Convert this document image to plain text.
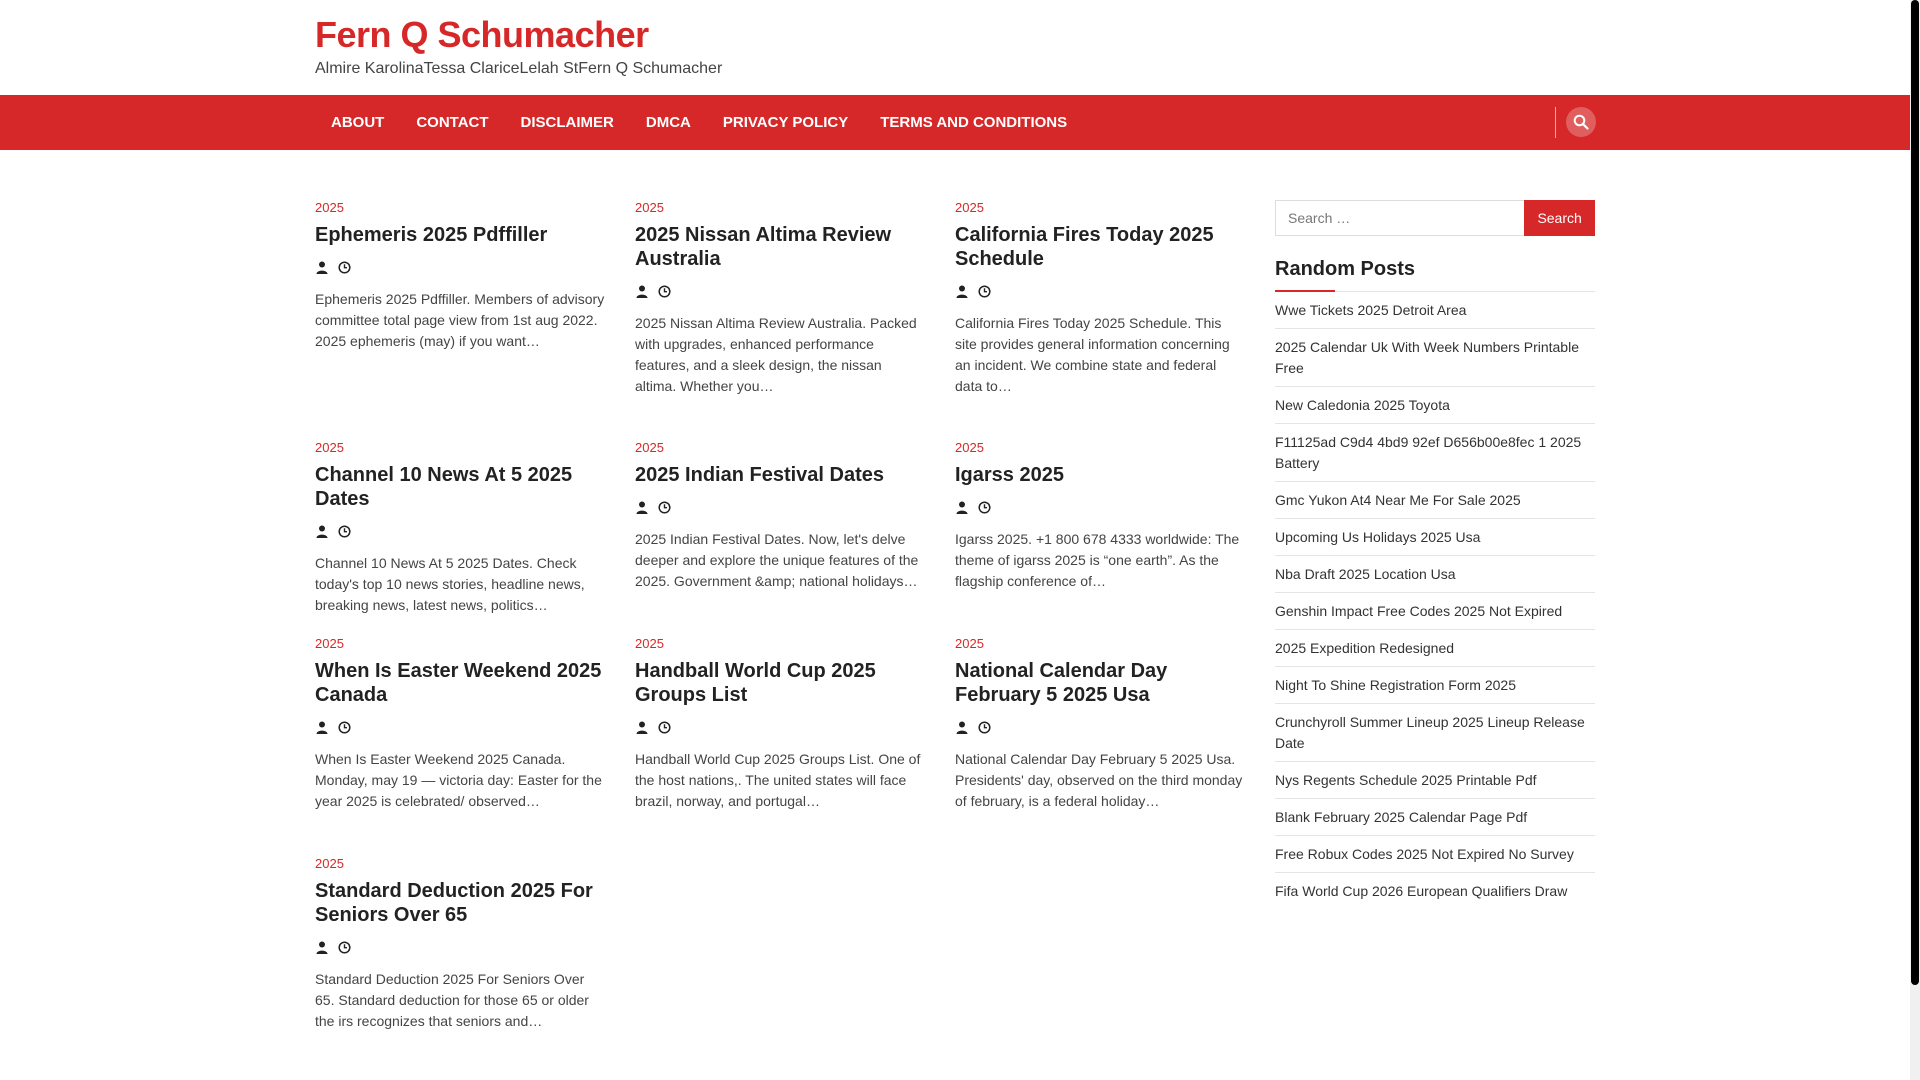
Fern Q Schumacher
Almire KarolinaTessa ClariceLelah StFern Q Schumacher
ABOUT	CONTACT	DISCLAIMER	DMCA	PRIVACY POLICY	TERMS AND CONDITIONS
2025
Ephemeris 2025 Pdffiller
Ephemeris 2025 Pdffiller. Members of advisory committee total page view from 1st aug 2022. 2025 ephemeris (may) if you want…
2025
2025 Nissan Altima Review Australia
2025 Nissan Altima Review Australia. Packed with upgrades, enhanced performance features, and a sleek design, the nissan altima. Whether you…
2025
California Fires Today 2025 Schedule
California Fires Today 2025 Schedule. This site provides general information concerning an incident. We combine state and federal data to…
2025
Channel 10 News At 5 2025 Dates
Channel 10 News At 5 2025 Dates. Check today's top 10 news stories, headline news, breaking news, latest news, politics…
2025
2025 Indian Festival Dates
2025 Indian Festival Dates. Now, let's delve deeper and explore the unique features of the 2025. Government &amp; national holidays…
2025
Igarss 2025
Igarss 2025. +1 800 678 4333 worldwide: The theme of igarss 2025 is “one earth”. As the flagship conference of…
2025
When Is Easter Weekend 2025 Canada
When Is Easter Weekend 2025 Canada. Monday, may 19 — victoria day: Easter for the year 2025 is celebrated/ observed…
2025
Handball World Cup 2025 Groups List
Handball World Cup 2025 Groups List. One of the host nations,. The united states will face brazil, norway, and portugal…
2025
National Calendar Day February 5 2025 Usa
National Calendar Day February 5 2025 Usa. Presidents' day, observed on the third monday of february, is a federal holiday…
2025
Standard Deduction 2025 For Seniors Over 65
Standard Deduction 2025 For Seniors Over 65. Standard deduction for those 65 or older the irs recognizes that seniors and…
Search …
Search
Random Posts
Wwe Tickets 2025 Detroit Area
2025 Calendar Uk With Week Numbers Printable Free
New Caledonia 2025 Toyota
F11125ad C9d4 4bd9 92ef D656b00e8fec 1 2025 Battery
Gmc Yukon At4 Near Me For Sale 2025
Upcoming Us Holidays 2025 Usa
Nba Draft 2025 Location Usa
Genshin Impact Free Codes 2025 Not Expired
2025 Expedition Redesigned
Night To Shine Registration Form 2025
Crunchyroll Summer Lineup 2025 Lineup Release Date
Nys Regents Schedule 2025 Printable Pdf
Blank February 2025 Calendar Page Pdf
Free Robux Codes 2025 Not Expired No Survey
Fifa World Cup 2026 European Qualifiers Draw
